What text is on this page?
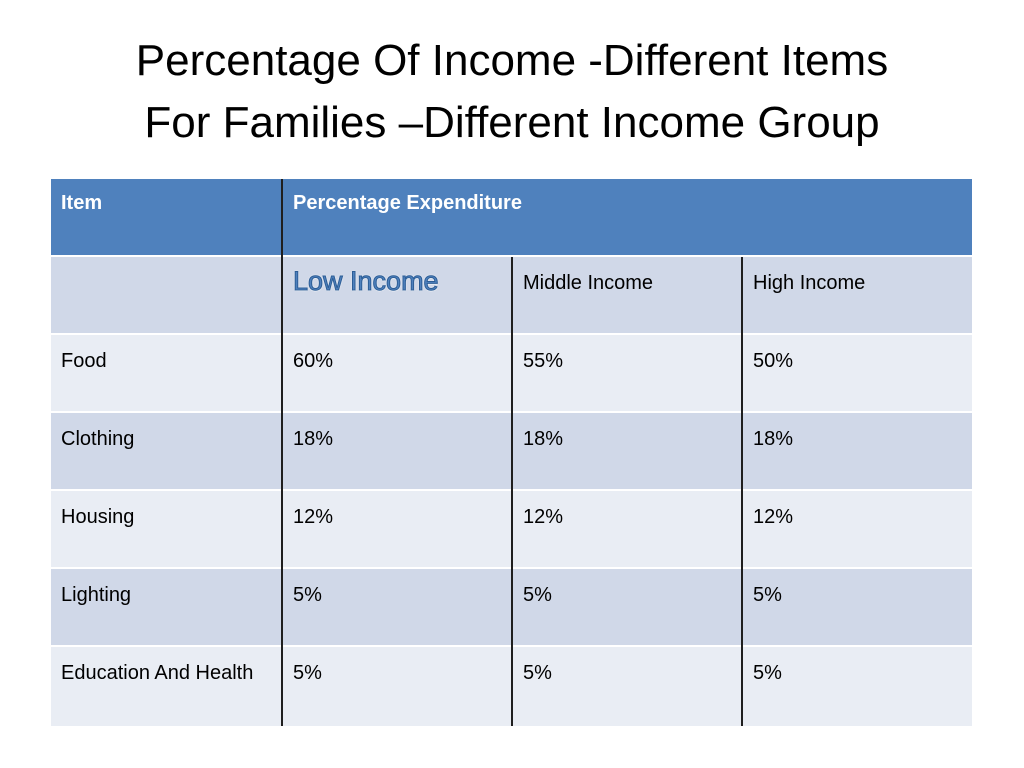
Percentage Of Income -Different Items
For Families –Different Income Group
Item	Percentage Expenditure		
	Low Income	Middle Income	High Income
Food	60%	55%	50%
Clothing	18%	18%	18%
Housing	12%	12%	12%
Lighting	5%	5%	5%
Education And Health	5%	5%	5%
